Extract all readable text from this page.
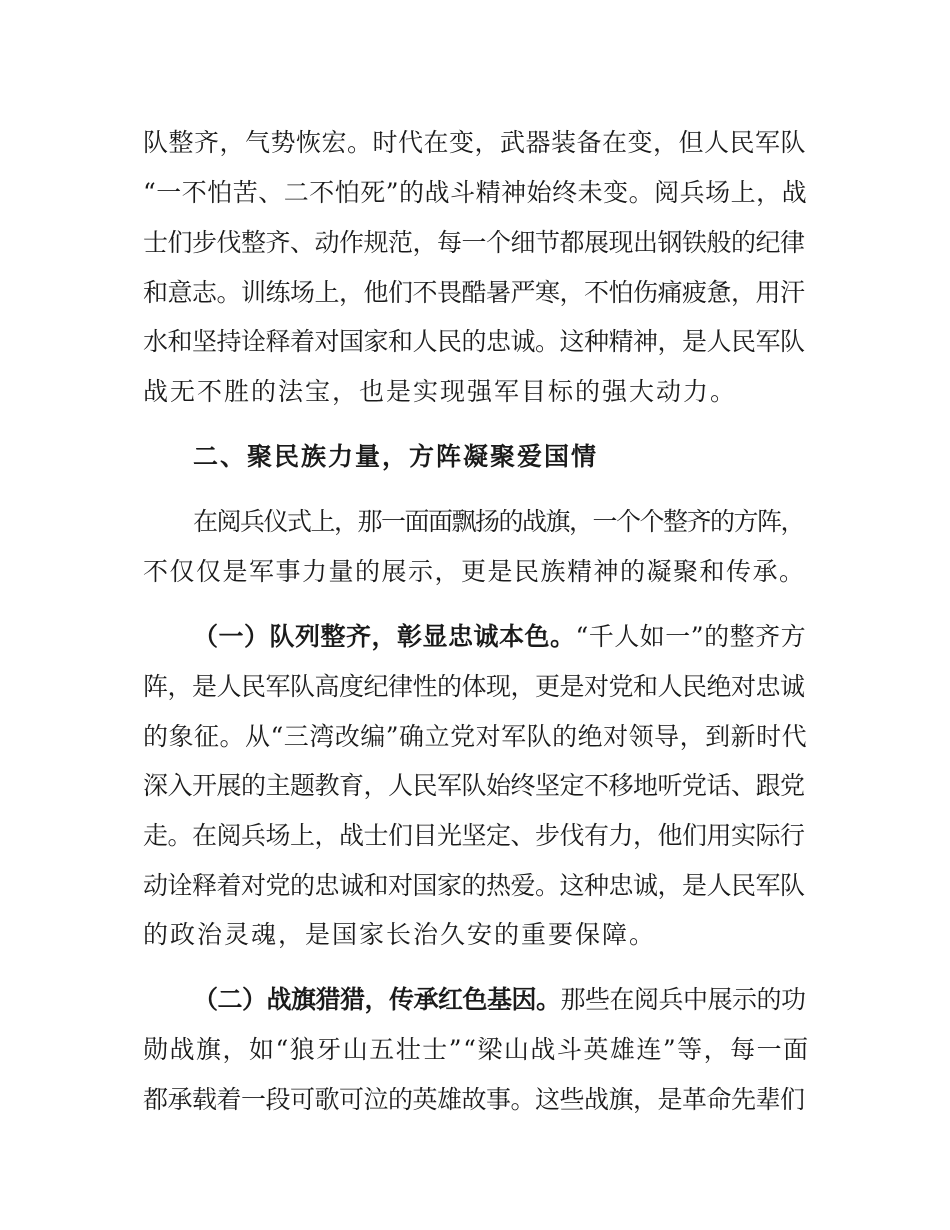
队整齐，气势恢宏。时代在变，武器装备在变，但人民军队
“一不怕苦、二不怕死”的战斗精神始终未变。阅兵场上，战
士们步伐整齐、动作规范，每一个细节都展现出钢铁般的纪律
和意志。训练场上，他们不畏酷暑严寒，不怕伤痛疲惫，用汗
水和坚持诠释着对国家和人民的忠诚。这种精神，是人民军队
战无不胜的法宝，也是实现强军目标的强大动力。
二、聚民族力量，方阵凝聚爱国情
在阅兵仪式上，那一面面飘扬的战旗，一个个整齐的方阵，
不仅仅是军事力量的展示，更是民族精神的凝聚和传承。
（一）队列整齐，彰显忠诚本色。“千人如一”的整齐方
阵，是人民军队高度纪律性的体现，更是对党和人民绝对忠诚
的象征。从“三湾改编”确立党对军队的绝对领导，到新时代
深入开展的主题教育，人民军队始终坚定不移地听党话、跟党
走。在阅兵场上，战士们目光坚定、步伐有力，他们用实际行
动诠释着对党的忠诚和对国家的热爱。这种忠诚，是人民军队
的政治灵魂，是国家长治久安的重要保障。
（二）战旗猎猎，传承红色基因。那些在阅兵中展示的功
勋战旗，如“狼牙山五壮士”“梁山战斗英雄连”等，每一面
都承载着一段可歌可泣的英雄故事。这些战旗，是革命先辈们
